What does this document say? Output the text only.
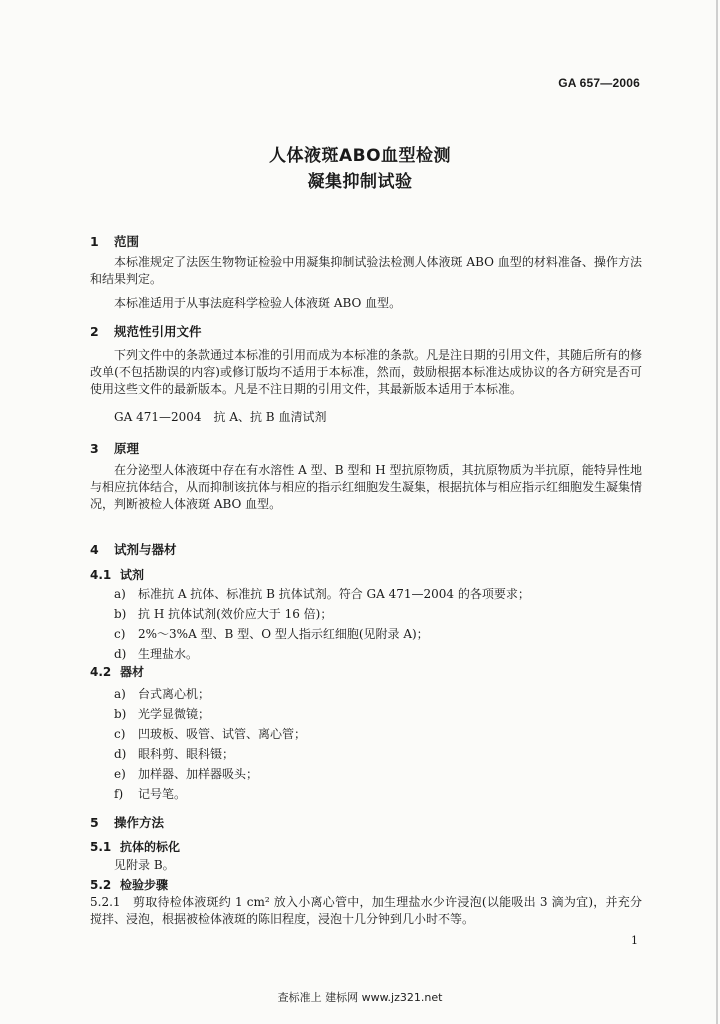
GA 657—2006
人体液斑ABO血型检测
凝集抑制试验
1 范围
本标准规定了法医生物物证检验中用凝集抑制试验法检测人体液斑 ABO 血型的材料准备、操作方法和结果判定。
本标准适用于从事法庭科学检验人体液斑 ABO 血型。
2 规范性引用文件
下列文件中的条款通过本标准的引用而成为本标准的条款。凡是注日期的引用文件，其随后所有的修改单(不包括勘误的内容)或修订版均不适用于本标准，然而，鼓励根据本标准达成协议的各方研究是否可使用这些文件的最新版本。凡是不注日期的引用文件，其最新版本适用于本标准。
GA 471—2004　抗 A、抗 B 血清试剂
3 原理
在分泌型人体液斑中存在有水溶性 A 型、B 型和 H 型抗原物质，其抗原物质为半抗原，能特异性地与相应抗体结合，从而抑制该抗体与相应的指示红细胞发生凝集，根据抗体与相应指示红细胞发生凝集情况，判断被检人体液斑 ABO 血型。
4 试剂与器材
4.1 试剂
a) 标准抗 A 抗体、标准抗 B 抗体试剂。符合 GA 471—2004 的各项要求；
b) 抗 H 抗体试剂(效价应大于 16 倍)；
c) 2%～3%A 型、B 型、O 型人指示红细胞(见附录 A)；
d) 生理盐水。
4.2 器材
a) 台式离心机；
b) 光学显微镜；
c) 凹玻板、吸管、试管、离心管；
d) 眼科剪、眼科镊；
e) 加样器、加样器吸头；
f) 记号笔。
5 操作方法
5.1 抗体的标化
见附录 B。
5.2 检验步骤
5.2.1　剪取待检体液斑约 1 cm² 放入小离心管中，加生理盐水少许浸泡(以能吸出 3 滴为宜)，并充分搅拌、浸泡，根据被检体液斑的陈旧程度，浸泡十几分钟到几小时不等。
1
查标准上 建标网 www.jz321.net
